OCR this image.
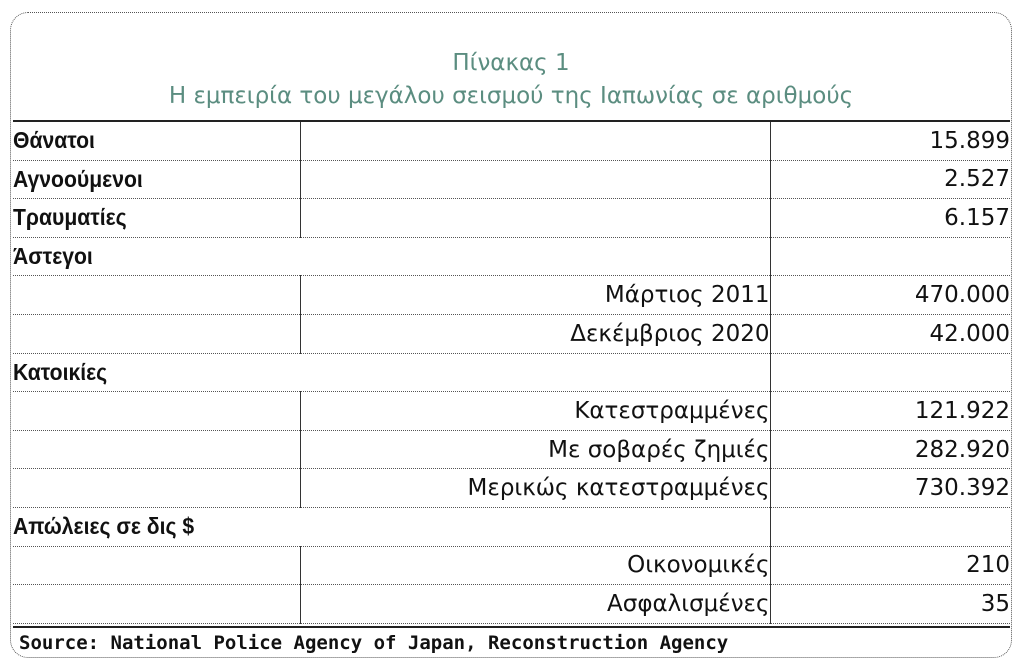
Πίνακας 1
Η εμπειρία του μεγάλου σεισμού της Ιαπωνίας σε αριθμούς
Θάνατοι		15.899
Αγνοούμενοι		2.527
Τραυματίες		6.157
Άστεγοι		
	Μάρτιος 2011	470.000
	Δεκέμβριος 2020	42.000
Κατοικίες		
	Κατεστραμμένες	121.922
	Με σοβαρές ζημιές	282.920
	Μερικώς κατεστραμμένες	730.392
Απώλειες σε δις $		
	Οικονομικές	210
	Ασφαλισμένες	35
Source: National Police Agency of Japan, Reconstruction Agency
